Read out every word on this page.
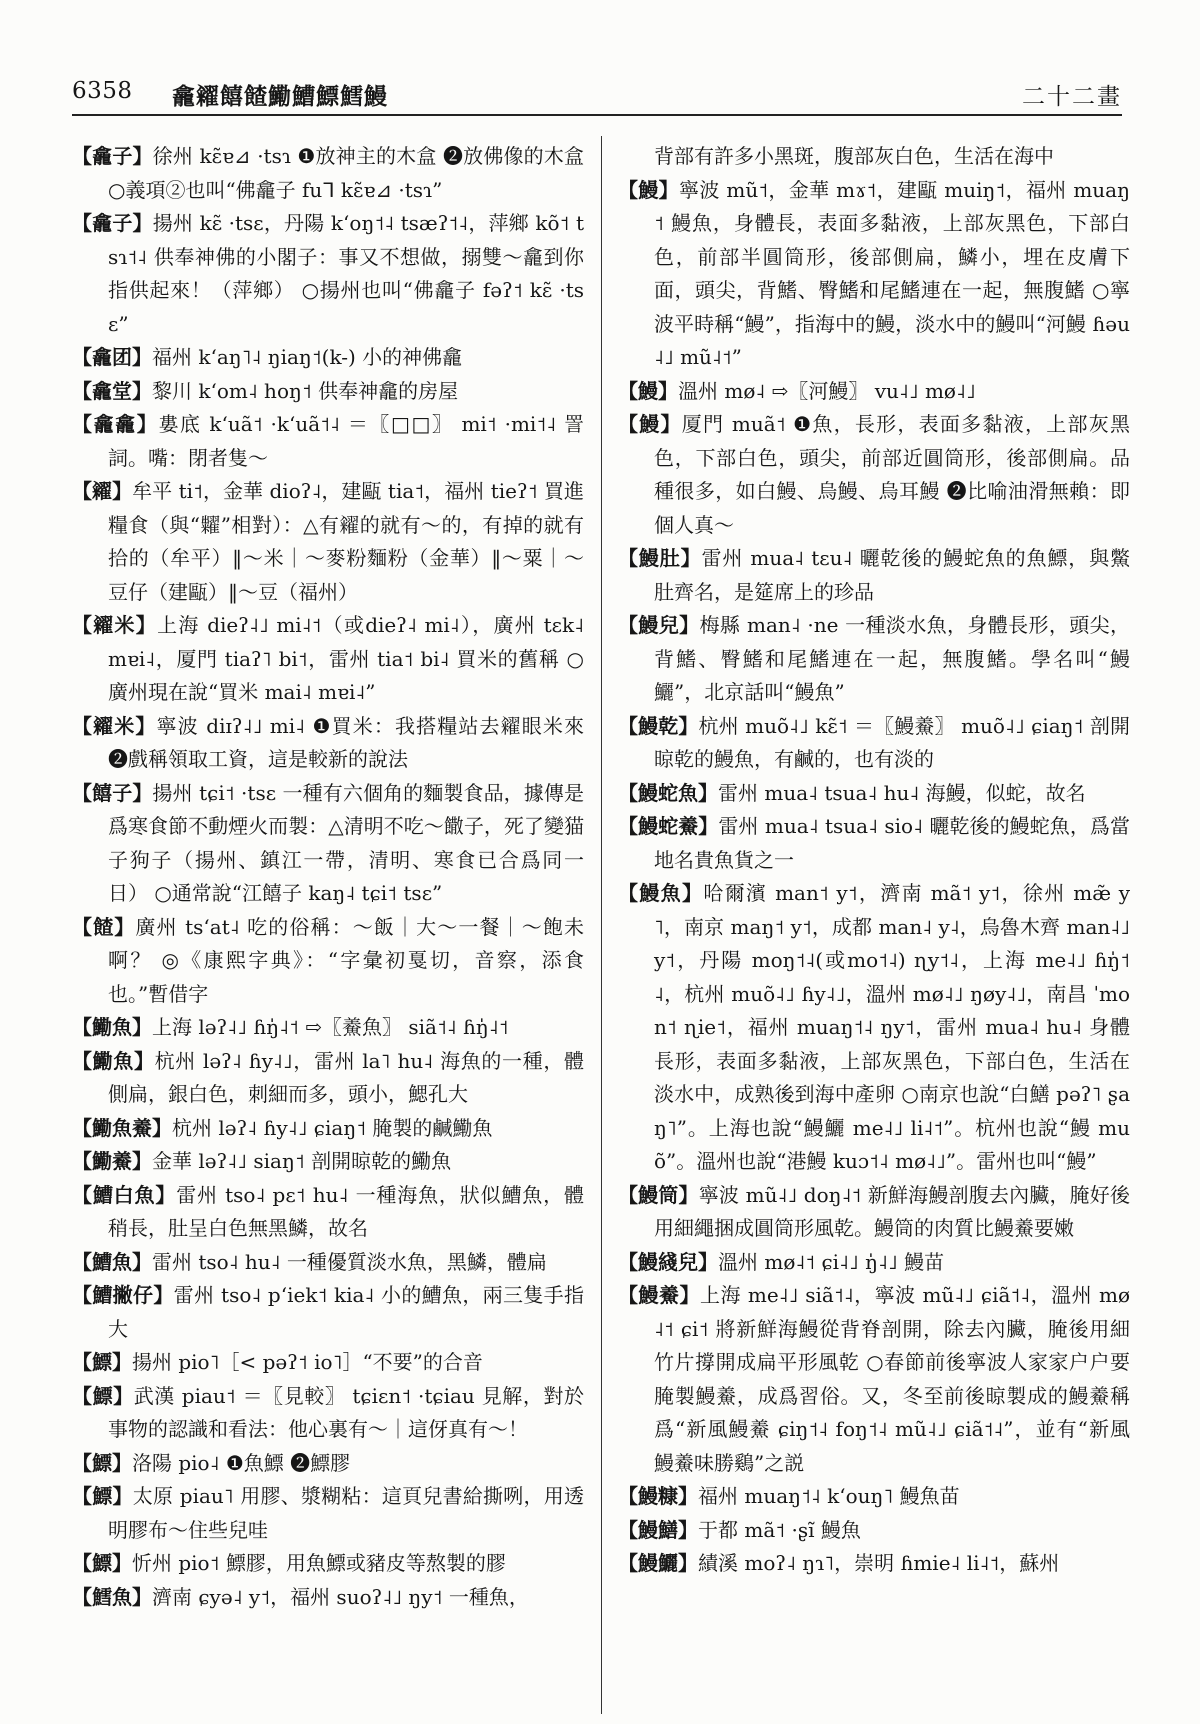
6358 龕糴饎餷鰳鰽鰾鱈鰻	二十二畫

【龕子】徐州 kɛ̃ɐ⊿ ·tsɿ ❶放神主的木盒 ❷放佛像的木盒 ○義項②也叫“佛龕子 fuᒣ kɛ̃ɐ⊿ ·tsɿ”

【龕子】揚州 kɛ̃ ·tsɛ，丹陽 kʻoŋ˦˨ tsæʔ˦˨，萍鄉 kõ˦ tsɿ˦˨ 供奉神佛的小閣子：事又不想做，搦雙～龕到你指供起來！（萍鄉） ○揚州也叫“佛龕子 fəʔ˦ kɛ̃ ·tsɛ”

【龕团】福州 kʻaŋ˥˨ ŋiaŋ˦(k-) 小的神佛龕

【龕堂】黎川 kʻom˨ hoŋ˦ 供奉神龕的房屋

【龕龕】婁底 kʻuã˦ ·kʻuã˦˨ ＝〖□□〗 mi˦ ·mi˦˨ 詈詞。嘴：閉者隻～

【糴】牟平 ti˦，金華 dioʔ˨，建甌 tia˦，福州 tieʔ˦ 買進糧食（與“糶”相對）：△有糴的就有～的，有掉的就有拾的（牟平）‖～米｜～麥粉麵粉（金華）‖～粟｜～豆仔（建甌）‖～豆（福州）

【糴米】上海 dieʔ˨˩ mi˨˦（或dieʔ˨ mi˨），廣州 tɛk˨ mɐi˨，厦門 tiaʔ˥ bi˦，雷州 tia˦ bi˨ 買米的舊稱 ○廣州現在說“買米 mai˨ mɐi˨”

【糴米】寧波 diɪʔ˨˩ mi˨ ❶買米：我搭糧站去糴眼米來 ❷戲稱領取工資，這是較新的說法

【饎子】揚州 tɕi˦ ·tsɛ 一種有六個角的麵製食品，據傳是爲寒食節不動煙火而製：△清明不吃～饊子，死了變猫子狗子（揚州、鎮江一帶，清明、寒食已合爲同一日） ○通常說“江饎子 kaŋ˨ tɕi˦ tsɛ”

【餷】廣州 tsʻat˨ 吃的俗稱：～飯｜大～一餐｜～飽未啊？ ◎《康熙字典》：“字彙初戛切，音察，添食也。”暫借字

【鰳魚】上海 ləʔ˨˩ ɦŋ̍˨˦ ⇨〖鯗魚〗 siã˦˨ ɦŋ̍˨˦

【鰳魚】杭州 ləʔ˨ ɦy˨˩，雷州 la˥ hu˨ 海魚的一種，體側扁，銀白色，刺細而多，頭小，鰓孔大

【鰳魚鯗】杭州 ləʔ˨ ɦy˨˩ ɕiaŋ˦ 腌製的鹹鰳魚

【鰳鯗】金華 ləʔ˨˩ siaŋ˦ 剖開晾乾的鰳魚

【鰽白魚】雷州 tso˨ pɛ˦ hu˨ 一種海魚，狀似鰽魚，體稍長，肚呈白色無黑鱗，故名

【鰽魚】雷州 tso˨ hu˨ 一種優質淡水魚，黑鱗，體扁

【鰽撇仔】雷州 tso˨ pʻiek˦ kia˨ 小的鰽魚，兩三隻手指大

【鰾】揚州 pio˥［< pəʔ˦ io˥］“不要”的合音

【鰾】武漢 piau˦ ＝〖見較〗 tɕiɛn˦ ·tɕiau 見解，對於事物的認識和看法：他心裏有～｜這伢真有～！

【鰾】洛陽 pio˨ ❶魚鰾 ❷鰾膠

【鰾】太原 piau˥ 用膠、漿糊粘：這頁兒書給撕咧，用透明膠布～住些兒哇

【鰾】忻州 pio˦ 鰾膠，用魚鰾或豬皮等熬製的膠

【鱈魚】濟南 ɕyə˨ y˦，福州 suoʔ˨˩ ŋy˦ 一種魚，

背部有許多小黑斑，腹部灰白色，生活在海中

【鰻】寧波 mũ˦，金華 mɤ˦，建甌 muiŋ˦，福州 muaŋ˦ 鰻魚，身體長，表面多黏液，上部灰黑色，下部白色，前部半圓筒形，後部側扁，鱗小，埋在皮膚下面，頭尖，背鰭、臀鰭和尾鰭連在一起，無腹鰭 ○寧波平時稱“鰻”，指海中的鰻，淡水中的鰻叫“河鰻 ɦəu˨˩ mũ˨˦”

【鰻】溫州 mø˨ ⇨〖河鰻〗 vu˨˩ mø˨˩

【鰻】厦門 muã˦ ❶魚，長形，表面多黏液，上部灰黑色，下部白色，頭尖，前部近圓筒形，後部側扁。品種很多，如白鰻、烏鰻、烏耳鰻 ❷比喻油滑無賴：即個人真～

【鰻肚】雷州 mua˨ tɛu˨ 曬乾後的鰻蛇魚的魚鰾，與鱉肚齊名，是筵席上的珍品

【鰻兒】梅縣 man˨ ·ne 一種淡水魚，身體長形，頭尖，背鰭、臀鰭和尾鰭連在一起，無腹鰭。學名叫“鰻鱺”，北京話叫“鰻魚”

【鰻乾】杭州 muõ˨˩ kɛ̃˦ ＝〖鰻鯗〗 muõ˨˩ ɕiaŋ˦ 剖開晾乾的鰻魚，有鹹的，也有淡的

【鰻蛇魚】雷州 mua˨ tsua˨ hu˨ 海鰻，似蛇，故名

【鰻蛇鯗】雷州 mua˨ tsua˨ sio˨ 曬乾後的鰻蛇魚，爲當地名貴魚貨之一

【鰻魚】哈爾濱 man˦ y˦，濟南 mã˦ y˦，徐州 mæ̃ y˥，南京 maŋ˦ y˦，成都 man˨ y˨，烏魯木齊 man˨˩ y˦，丹陽 moŋ˦˨(或mo˦˨) ɳy˦˨，上海 me˨˩ ɦŋ̍˦˨，杭州 muõ˨˩ ɦy˨˩，溫州 mø˨˩ ŋøy˨˩，南昌 ˈmon˦ ɳie˦，福州 muaŋ˦˨ ŋy˦，雷州 mua˨ hu˨ 身體長形，表面多黏液，上部灰黑色，下部白色，生活在淡水中，成熟後到海中產卵 ○南京也說“白鱔 pəʔ˥ ʂaŋ˥”。上海也說“鰻鱺 me˨˩ li˨˦”。杭州也說“鰻 muõ”。溫州也說“港鰻 kuɔ˦˨ mø˨˩”。雷州也叫“鰻”

【鰻筒】寧波 mũ˨˩ doŋ˨˦ 新鮮海鰻剖腹去內臟，腌好後用細繩捆成圓筒形風乾。鰻筒的肉質比鰻鯗要嫩

【鰻綫兒】溫州 mø˨˦ ɕi˨˩ ŋ̍˨˩ 鰻苗

【鰻鯗】上海 me˨˩ siã˦˨，寧波 mũ˨˩ ɕiã˦˨，溫州 mø˨˦ ɕi˦ 將新鮮海鰻從背脊剖開，除去內臟，腌後用細竹片撐開成扁平形風乾 ○春節前後寧波人家家户户要腌製鰻鯗，成爲習俗。又，冬至前後晾製成的鰻鯗稱爲“新風鰻鯗 ɕiŋ˦˨ foŋ˦˨ mũ˨˩ ɕiã˦˨”，並有“新風鰻鯗味勝鷄”之説

【鰻糠】福州 muaŋ˦˨ kʻouŋ˥ 鰻魚苗

【鰻鱔】于都 mã˦ ·ʂĩ 鰻魚

【鰻鱺】績溪 moʔ˨ ŋɿ˥，崇明 ɦmie˨ li˨˦，蘇州
